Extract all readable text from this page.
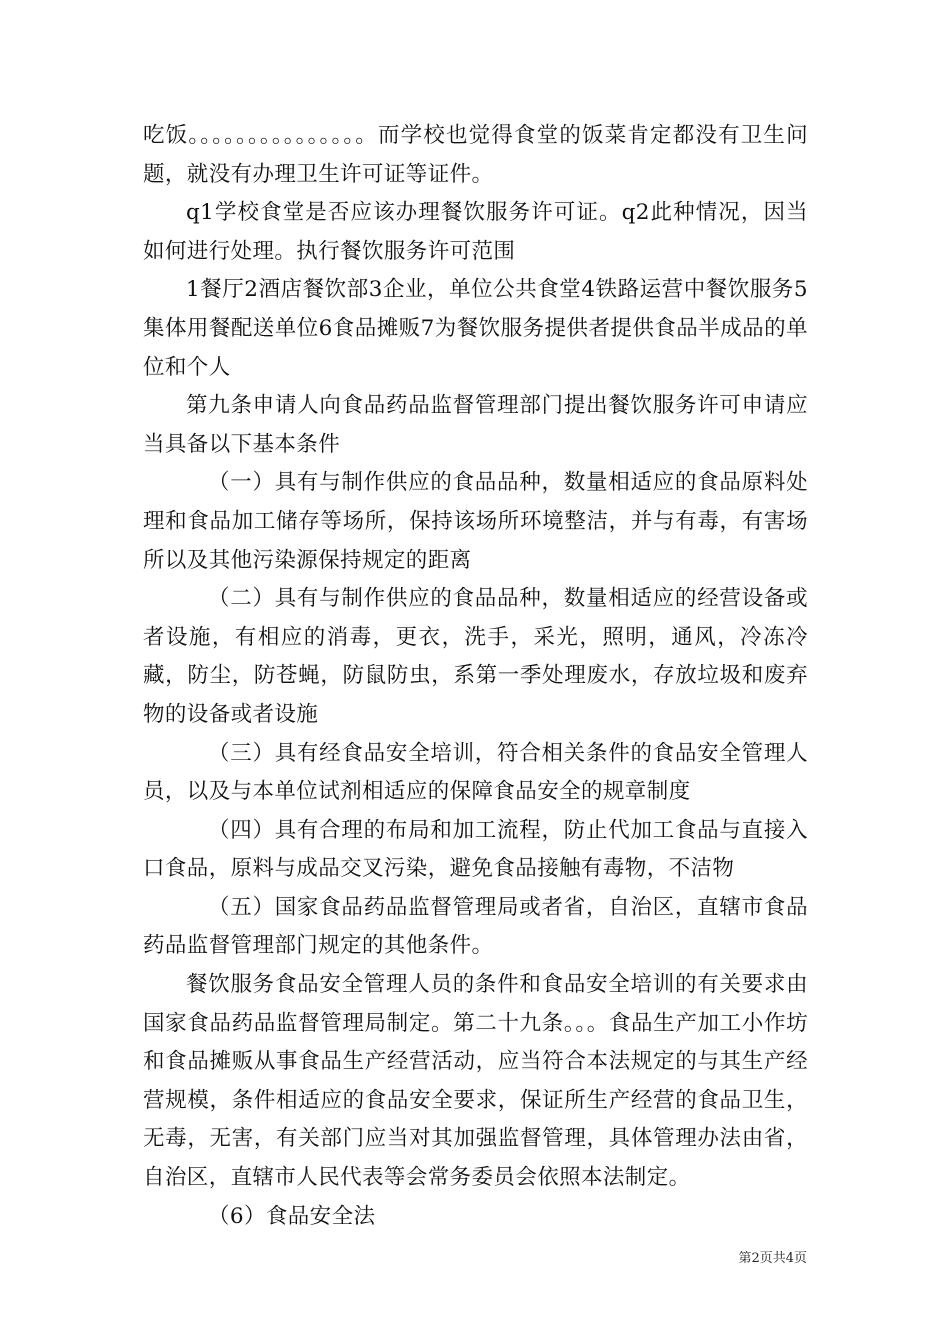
吃饭。。。。。。。。。。。。。。。而学校也觉得食堂的饭菜肯定都没有卫生问题，就没有办理卫生许可证等证件。

q1学校食堂是否应该办理餐饮服务许可证。q2此种情况，因当如何进行处理。执行餐饮服务许可范围

1餐厅2酒店餐饮部3企业，单位公共食堂4铁路运营中餐饮服务5集体用餐配送单位6食品摊贩7为餐饮服务提供者提供食品半成品的单位和个人

第九条申请人向食品药品监督管理部门提出餐饮服务许可申请应当具备以下基本条件

（一）具有与制作供应的食品品种，数量相适应的食品原料处理和食品加工储存等场所，保持该场所环境整洁，并与有毒，有害场所以及其他污染源保持规定的距离

（二）具有与制作供应的食品品种，数量相适应的经营设备或者设施，有相应的消毒，更衣，洗手，采光，照明，通风，冷冻冷藏，防尘，防苍蝇，防鼠防虫，系第一季处理废水，存放垃圾和废弃物的设备或者设施

（三）具有经食品安全培训，符合相关条件的食品安全管理人员，以及与本单位试剂相适应的保障食品安全的规章制度

（四）具有合理的布局和加工流程，防止代加工食品与直接入口食品，原料与成品交叉污染，避免食品接触有毒物，不洁物

（五）国家食品药品监督管理局或者省，自治区，直辖市食品药品监督管理部门规定的其他条件。

餐饮服务食品安全管理人员的条件和食品安全培训的有关要求由国家食品药品监督管理局制定。第二十九条。。。食品生产加工小作坊和食品摊贩从事食品生产经营活动，应当符合本法规定的与其生产经营规模，条件相适应的食品安全要求，保证所生产经营的食品卫生，无毒，无害，有关部门应当对其加强监督管理，具体管理办法由省，自治区，直辖市人民代表等会常务委员会依照本法制定。

（6）食品安全法

第2页共4页
